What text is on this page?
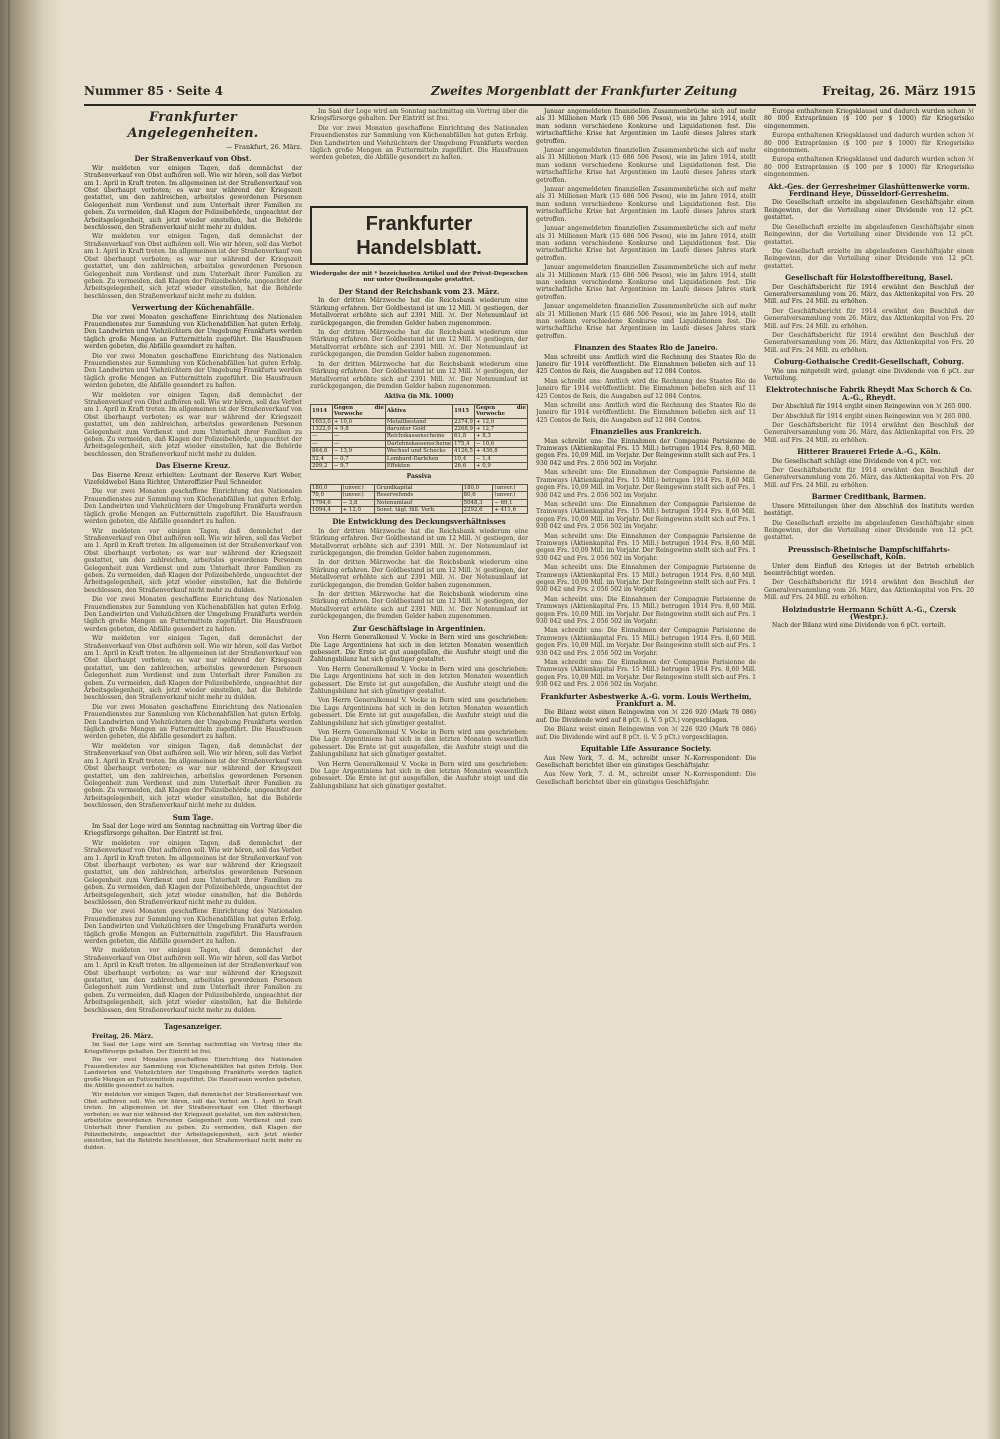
Nummer 85 · Seite 4	Zweites Morgenblatt der Frankfurter Zeitung	Freitag, 26. März 1915
Frankfurter Angelegenheiten.
— Frankfurt, 26. März.
Der Straßenverkauf von Obst.

Wir meldeten vor einigen Tagen, daß demnächst der Straßenverkauf von Obst aufhören soll. Wie wir hören, soll das Verbot am 1. April in Kraft treten. Im allgemeinen ist der Straßenverkauf von Obst überhaupt verboten; es war nur während der Kriegszeit gestattet, um den zahlreichen, arbeitslos gewordenen Personen Gelegenheit zum Verdienst und zum Unterhalt ihrer Familien zu geben. Zu vermeiden, daß Klagen der Polizeibehörde, ungeachtet der Arbeitsgelegenheit, sich jetzt wieder einstellen, hat die Behörde beschlossen, den Straßenverkauf nicht mehr zu dulden.

Wir meldeten vor einigen Tagen, daß demnächst der Straßenverkauf von Obst aufhören soll. Wie wir hören, soll das Verbot am 1. April in Kraft treten. Im allgemeinen ist der Straßenverkauf von Obst überhaupt verboten; es war nur während der Kriegszeit gestattet, um den zahlreichen, arbeitslos gewordenen Personen Gelegenheit zum Verdienst und zum Unterhalt ihrer Familien zu geben. Zu vermeiden, daß Klagen der Polizeibehörde, ungeachtet der Arbeitsgelegenheit, sich jetzt wieder einstellen, hat die Behörde beschlossen, den Straßenverkauf nicht mehr zu dulden.

Verwertung der Küchenabfälle.

Die vor zwei Monaten geschaffene Einrichtung des Nationalen Frauendienstes zur Sammlung von Küchenabfällen hat guten Erfolg. Den Landwirten und Viehzüchtern der Umgebung Frankfurts werden täglich große Mengen an Futtermitteln zugeführt. Die Hausfrauen werden gebeten, die Abfälle gesondert zu halten.

Die vor zwei Monaten geschaffene Einrichtung des Nationalen Frauendienstes zur Sammlung von Küchenabfällen hat guten Erfolg. Den Landwirten und Viehzüchtern der Umgebung Frankfurts werden täglich große Mengen an Futtermitteln zugeführt. Die Hausfrauen werden gebeten, die Abfälle gesondert zu halten.

Wir meldeten vor einigen Tagen, daß demnächst der Straßenverkauf von Obst aufhören soll. Wie wir hören, soll das Verbot am 1. April in Kraft treten. Im allgemeinen ist der Straßenverkauf von Obst überhaupt verboten; es war nur während der Kriegszeit gestattet, um den zahlreichen, arbeitslos gewordenen Personen Gelegenheit zum Verdienst und zum Unterhalt ihrer Familien zu geben. Zu vermeiden, daß Klagen der Polizeibehörde, ungeachtet der Arbeitsgelegenheit, sich jetzt wieder einstellen, hat die Behörde beschlossen, den Straßenverkauf nicht mehr zu dulden.

Das Eiserne Kreuz.

Das Eiserne Kreuz erhielten: Leutnant der Reserve Kurt Weber, Vizefeldwebel Hans Richter, Unteroffizier Paul Schneider.

Die vor zwei Monaten geschaffene Einrichtung des Nationalen Frauendienstes zur Sammlung von Küchenabfällen hat guten Erfolg. Den Landwirten und Viehzüchtern der Umgebung Frankfurts werden täglich große Mengen an Futtermitteln zugeführt. Die Hausfrauen werden gebeten, die Abfälle gesondert zu halten.

Wir meldeten vor einigen Tagen, daß demnächst der Straßenverkauf von Obst aufhören soll. Wie wir hören, soll das Verbot am 1. April in Kraft treten. Im allgemeinen ist der Straßenverkauf von Obst überhaupt verboten; es war nur während der Kriegszeit gestattet, um den zahlreichen, arbeitslos gewordenen Personen Gelegenheit zum Verdienst und zum Unterhalt ihrer Familien zu geben. Zu vermeiden, daß Klagen der Polizeibehörde, ungeachtet der Arbeitsgelegenheit, sich jetzt wieder einstellen, hat die Behörde beschlossen, den Straßenverkauf nicht mehr zu dulden.

Die vor zwei Monaten geschaffene Einrichtung des Nationalen Frauendienstes zur Sammlung von Küchenabfällen hat guten Erfolg. Den Landwirten und Viehzüchtern der Umgebung Frankfurts werden täglich große Mengen an Futtermitteln zugeführt. Die Hausfrauen werden gebeten, die Abfälle gesondert zu halten.

Wir meldeten vor einigen Tagen, daß demnächst der Straßenverkauf von Obst aufhören soll. Wie wir hören, soll das Verbot am 1. April in Kraft treten. Im allgemeinen ist der Straßenverkauf von Obst überhaupt verboten; es war nur während der Kriegszeit gestattet, um den zahlreichen, arbeitslos gewordenen Personen Gelegenheit zum Verdienst und zum Unterhalt ihrer Familien zu geben. Zu vermeiden, daß Klagen der Polizeibehörde, ungeachtet der Arbeitsgelegenheit, sich jetzt wieder einstellen, hat die Behörde beschlossen, den Straßenverkauf nicht mehr zu dulden.

Die vor zwei Monaten geschaffene Einrichtung des Nationalen Frauendienstes zur Sammlung von Küchenabfällen hat guten Erfolg. Den Landwirten und Viehzüchtern der Umgebung Frankfurts werden täglich große Mengen an Futtermitteln zugeführt. Die Hausfrauen werden gebeten, die Abfälle gesondert zu halten.

Wir meldeten vor einigen Tagen, daß demnächst der Straßenverkauf von Obst aufhören soll. Wie wir hören, soll das Verbot am 1. April in Kraft treten. Im allgemeinen ist der Straßenverkauf von Obst überhaupt verboten; es war nur während der Kriegszeit gestattet, um den zahlreichen, arbeitslos gewordenen Personen Gelegenheit zum Verdienst und zum Unterhalt ihrer Familien zu geben. Zu vermeiden, daß Klagen der Polizeibehörde, ungeachtet der Arbeitsgelegenheit, sich jetzt wieder einstellen, hat die Behörde beschlossen, den Straßenverkauf nicht mehr zu dulden.

Sum Tage.

Im Saal der Loge wird am Sonntag nachmittag ein Vortrag über die Kriegsfürsorge gehalten. Der Eintritt ist frei.

Wir meldeten vor einigen Tagen, daß demnächst der Straßenverkauf von Obst aufhören soll. Wie wir hören, soll das Verbot am 1. April in Kraft treten. Im allgemeinen ist der Straßenverkauf von Obst überhaupt verboten; es war nur während der Kriegszeit gestattet, um den zahlreichen, arbeitslos gewordenen Personen Gelegenheit zum Verdienst und zum Unterhalt ihrer Familien zu geben. Zu vermeiden, daß Klagen der Polizeibehörde, ungeachtet der Arbeitsgelegenheit, sich jetzt wieder einstellen, hat die Behörde beschlossen, den Straßenverkauf nicht mehr zu dulden.

Die vor zwei Monaten geschaffene Einrichtung des Nationalen Frauendienstes zur Sammlung von Küchenabfällen hat guten Erfolg. Den Landwirten und Viehzüchtern der Umgebung Frankfurts werden täglich große Mengen an Futtermitteln zugeführt. Die Hausfrauen werden gebeten, die Abfälle gesondert zu halten.

Wir meldeten vor einigen Tagen, daß demnächst der Straßenverkauf von Obst aufhören soll. Wie wir hören, soll das Verbot am 1. April in Kraft treten. Im allgemeinen ist der Straßenverkauf von Obst überhaupt verboten; es war nur während der Kriegszeit gestattet, um den zahlreichen, arbeitslos gewordenen Personen Gelegenheit zum Verdienst und zum Unterhalt ihrer Familien zu geben. Zu vermeiden, daß Klagen der Polizeibehörde, ungeachtet der Arbeitsgelegenheit, sich jetzt wieder einstellen, hat die Behörde beschlossen, den Straßenverkauf nicht mehr zu dulden.

Tagesanzeiger.

Freitag, 26. März.

Im Saal der Loge wird am Sonntag nachmittag ein Vortrag über die Kriegsfürsorge gehalten. Der Eintritt ist frei.

Die vor zwei Monaten geschaffene Einrichtung des Nationalen Frauendienstes zur Sammlung von Küchenabfällen hat guten Erfolg. Den Landwirten und Viehzüchtern der Umgebung Frankfurts werden täglich große Mengen an Futtermitteln zugeführt. Die Hausfrauen werden gebeten, die Abfälle gesondert zu halten.

Wir meldeten vor einigen Tagen, daß demnächst der Straßenverkauf von Obst aufhören soll. Wie wir hören, soll das Verbot am 1. April in Kraft treten. Im allgemeinen ist der Straßenverkauf von Obst überhaupt verboten; es war nur während der Kriegszeit gestattet, um den zahlreichen, arbeitslos gewordenen Personen Gelegenheit zum Verdienst und zum Unterhalt ihrer Familien zu geben. Zu vermeiden, daß Klagen der Polizeibehörde, ungeachtet der Arbeitsgelegenheit, sich jetzt wieder einstellen, hat die Behörde beschlossen, den Straßenverkauf nicht mehr zu dulden.

Im Saal der Loge wird am Sonntag nachmittag ein Vortrag über die Kriegsfürsorge gehalten. Der Eintritt ist frei.

Die vor zwei Monaten geschaffene Einrichtung des Nationalen Frauendienstes zur Sammlung von Küchenabfällen hat guten Erfolg. Den Landwirten und Viehzüchtern der Umgebung Frankfurts werden täglich große Mengen an Futtermitteln zugeführt. Die Hausfrauen werden gebeten, die Abfälle gesondert zu halten.

Frankfurter Handelsblatt.
Wiedergabe der mit * bezeichneten Artikel und der Privat-Depeschen nur unter Quellenangabe gestattet.
Der Stand der Reichsbank vom 23. März.

In der dritten Märzwoche hat die Reichsbank wiederum eine Stärkung erfahren. Der Goldbestand ist um 12 Mill. ℳ gestiegen, der Metallvorrat erhöhte sich auf 2391 Mill. ℳ. Der Notenumlauf ist zurückgegangen, die fremden Gelder haben zugenommen.

In der dritten Märzwoche hat die Reichsbank wiederum eine Stärkung erfahren. Der Goldbestand ist um 12 Mill. ℳ gestiegen, der Metallvorrat erhöhte sich auf 2391 Mill. ℳ. Der Notenumlauf ist zurückgegangen, die fremden Gelder haben zugenommen.

In der dritten Märzwoche hat die Reichsbank wiederum eine Stärkung erfahren. Der Goldbestand ist um 12 Mill. ℳ gestiegen, der Metallvorrat erhöhte sich auf 2391 Mill. ℳ. Der Notenumlauf ist zurückgegangen, die fremden Gelder haben zugenommen.

Aktiva (in Mk. 1000)
1914	Gegen die Vorwoche	Aktiva	1915	Gegen die Vorwoche
1653,0	+ 10,0	Metallbestand	2374,9	+ 12,0
1322,0	+ 9,8	darunter Gold	2268,9	+ 12,7
—	—	Reichskassenscheine	61,8	+ 8,3
—	—	Darlehnskassenscheine	175,4	− 10,6
864,6	− 13,9	Wechsel und Schecks	4126,5	+ 436,8
52,4	− 0,7	Lombard-Darlehen	10,4	− 1,4
299,2	− 9,7	Effekten	26,6	+ 0,9
Passiva
180,0	(unver.)	Grundkapital	180,0	(unver.)
70,0	(unver.)	Reservefonds	80,6	(unver.)
1794,6	− 3,8	Notenumlauf	5048,3	− 69,1
1094,4	+ 12,0	Sonst. tägl. fäll. Verb.	2292,6	+ 411,6
Die Entwicklung des Deckungsverhältnisses

In der dritten Märzwoche hat die Reichsbank wiederum eine Stärkung erfahren. Der Goldbestand ist um 12 Mill. ℳ gestiegen, der Metallvorrat erhöhte sich auf 2391 Mill. ℳ. Der Notenumlauf ist zurückgegangen, die fremden Gelder haben zugenommen.

In der dritten Märzwoche hat die Reichsbank wiederum eine Stärkung erfahren. Der Goldbestand ist um 12 Mill. ℳ gestiegen, der Metallvorrat erhöhte sich auf 2391 Mill. ℳ. Der Notenumlauf ist zurückgegangen, die fremden Gelder haben zugenommen.

In der dritten Märzwoche hat die Reichsbank wiederum eine Stärkung erfahren. Der Goldbestand ist um 12 Mill. ℳ gestiegen, der Metallvorrat erhöhte sich auf 2391 Mill. ℳ. Der Notenumlauf ist zurückgegangen, die fremden Gelder haben zugenommen.

Zur Geschäftslage in Argentinien.

Von Herrn Generalkonsul V. Vocke in Bern wird uns geschrieben: Die Lage Argentiniens hat sich in den letzten Monaten wesentlich gebessert. Die Ernte ist gut ausgefallen, die Ausfuhr steigt und die Zahlungsbilanz hat sich günstiger gestaltet.

Von Herrn Generalkonsul V. Vocke in Bern wird uns geschrieben: Die Lage Argentiniens hat sich in den letzten Monaten wesentlich gebessert. Die Ernte ist gut ausgefallen, die Ausfuhr steigt und die Zahlungsbilanz hat sich günstiger gestaltet.

Von Herrn Generalkonsul V. Vocke in Bern wird uns geschrieben: Die Lage Argentiniens hat sich in den letzten Monaten wesentlich gebessert. Die Ernte ist gut ausgefallen, die Ausfuhr steigt und die Zahlungsbilanz hat sich günstiger gestaltet.

Von Herrn Generalkonsul V. Vocke in Bern wird uns geschrieben: Die Lage Argentiniens hat sich in den letzten Monaten wesentlich gebessert. Die Ernte ist gut ausgefallen, die Ausfuhr steigt und die Zahlungsbilanz hat sich günstiger gestaltet.

Von Herrn Generalkonsul V. Vocke in Bern wird uns geschrieben: Die Lage Argentiniens hat sich in den letzten Monaten wesentlich gebessert. Die Ernte ist gut ausgefallen, die Ausfuhr steigt und die Zahlungsbilanz hat sich günstiger gestaltet.

Januar angemeldeten finanziellen Zusammenbrüche sich auf mehr als 31 Millionen Mark (15 686 506 Pesos), wie im Jahre 1914, stellt man sodann verschiedene Konkurse und Liquidationen fest. Die wirtschaftliche Krise hat Argentinien im Laufe dieses Jahres stark getroffen.

Januar angemeldeten finanziellen Zusammenbrüche sich auf mehr als 31 Millionen Mark (15 686 506 Pesos), wie im Jahre 1914, stellt man sodann verschiedene Konkurse und Liquidationen fest. Die wirtschaftliche Krise hat Argentinien im Laufe dieses Jahres stark getroffen.

Januar angemeldeten finanziellen Zusammenbrüche sich auf mehr als 31 Millionen Mark (15 686 506 Pesos), wie im Jahre 1914, stellt man sodann verschiedene Konkurse und Liquidationen fest. Die wirtschaftliche Krise hat Argentinien im Laufe dieses Jahres stark getroffen.

Januar angemeldeten finanziellen Zusammenbrüche sich auf mehr als 31 Millionen Mark (15 686 506 Pesos), wie im Jahre 1914, stellt man sodann verschiedene Konkurse und Liquidationen fest. Die wirtschaftliche Krise hat Argentinien im Laufe dieses Jahres stark getroffen.

Januar angemeldeten finanziellen Zusammenbrüche sich auf mehr als 31 Millionen Mark (15 686 506 Pesos), wie im Jahre 1914, stellt man sodann verschiedene Konkurse und Liquidationen fest. Die wirtschaftliche Krise hat Argentinien im Laufe dieses Jahres stark getroffen.

Januar angemeldeten finanziellen Zusammenbrüche sich auf mehr als 31 Millionen Mark (15 686 506 Pesos), wie im Jahre 1914, stellt man sodann verschiedene Konkurse und Liquidationen fest. Die wirtschaftliche Krise hat Argentinien im Laufe dieses Jahres stark getroffen.

Finanzen des Staates Rio de Janeiro.

Man schreibt uns: Amtlich wird die Rechnung des Staates Rio de Janeiro für 1914 veröffentlicht. Die Einnahmen beliefen sich auf 11 425 Contos de Reis, die Ausgaben auf 12 084 Contos.

Man schreibt uns: Amtlich wird die Rechnung des Staates Rio de Janeiro für 1914 veröffentlicht. Die Einnahmen beliefen sich auf 11 425 Contos de Reis, die Ausgaben auf 12 084 Contos.

Man schreibt uns: Amtlich wird die Rechnung des Staates Rio de Janeiro für 1914 veröffentlicht. Die Einnahmen beliefen sich auf 11 425 Contos de Reis, die Ausgaben auf 12 084 Contos.

Finanzielles aus Frankreich.

Man schreibt uns: Die Einnahmen der Compagnie Parisienne de Tramways (Aktienkapital Frs. 15 Mill.) betrugen 1914 Frs. 8,60 Mill. gegen Frs. 10,09 Mill. im Vorjahr. Der Reingewinn stellt sich auf Frs. 1 930 042 und Frs. 2 056 502 im Vorjahr.

Man schreibt uns: Die Einnahmen der Compagnie Parisienne de Tramways (Aktienkapital Frs. 15 Mill.) betrugen 1914 Frs. 8,60 Mill. gegen Frs. 10,09 Mill. im Vorjahr. Der Reingewinn stellt sich auf Frs. 1 930 042 und Frs. 2 056 502 im Vorjahr.

Man schreibt uns: Die Einnahmen der Compagnie Parisienne de Tramways (Aktienkapital Frs. 15 Mill.) betrugen 1914 Frs. 8,60 Mill. gegen Frs. 10,09 Mill. im Vorjahr. Der Reingewinn stellt sich auf Frs. 1 930 042 und Frs. 2 056 502 im Vorjahr.

Man schreibt uns: Die Einnahmen der Compagnie Parisienne de Tramways (Aktienkapital Frs. 15 Mill.) betrugen 1914 Frs. 8,60 Mill. gegen Frs. 10,09 Mill. im Vorjahr. Der Reingewinn stellt sich auf Frs. 1 930 042 und Frs. 2 056 502 im Vorjahr.

Man schreibt uns: Die Einnahmen der Compagnie Parisienne de Tramways (Aktienkapital Frs. 15 Mill.) betrugen 1914 Frs. 8,60 Mill. gegen Frs. 10,09 Mill. im Vorjahr. Der Reingewinn stellt sich auf Frs. 1 930 042 und Frs. 2 056 502 im Vorjahr.

Man schreibt uns: Die Einnahmen der Compagnie Parisienne de Tramways (Aktienkapital Frs. 15 Mill.) betrugen 1914 Frs. 8,60 Mill. gegen Frs. 10,09 Mill. im Vorjahr. Der Reingewinn stellt sich auf Frs. 1 930 042 und Frs. 2 056 502 im Vorjahr.

Man schreibt uns: Die Einnahmen der Compagnie Parisienne de Tramways (Aktienkapital Frs. 15 Mill.) betrugen 1914 Frs. 8,60 Mill. gegen Frs. 10,09 Mill. im Vorjahr. Der Reingewinn stellt sich auf Frs. 1 930 042 und Frs. 2 056 502 im Vorjahr.

Man schreibt uns: Die Einnahmen der Compagnie Parisienne de Tramways (Aktienkapital Frs. 15 Mill.) betrugen 1914 Frs. 8,60 Mill. gegen Frs. 10,09 Mill. im Vorjahr. Der Reingewinn stellt sich auf Frs. 1 930 042 und Frs. 2 056 502 im Vorjahr.

Frankfurter Asbestwerke A.-G. vorm. Louis Wertheim, Frankfurt a. M.

Die Bilanz weist einen Reingewinn von ℳ 226 920 (Mark 78 086) auf. Die Dividende wird auf 8 pCt. (i. V. 5 pCt.) vorgeschlagen.

Die Bilanz weist einen Reingewinn von ℳ 226 920 (Mark 78 086) auf. Die Dividende wird auf 8 pCt. (i. V. 5 pCt.) vorgeschlagen.

Equitable Life Assurance Society.

Aus New York, 7. d. M., schreibt unser N.-Korrespondent: Die Gesellschaft berichtet über ein günstiges Geschäftsjahr.

Aus New York, 7. d. M., schreibt unser N.-Korrespondent: Die Gesellschaft berichtet über ein günstiges Geschäftsjahr.

Europa enthaltenen Kriegsklausel und dadurch wurden schon ℳ 80 000 Extraprämien ($ 100 per $ 1000) für Kriegsrisiko eingenommen.

Europa enthaltenen Kriegsklausel und dadurch wurden schon ℳ 80 000 Extraprämien ($ 100 per $ 1000) für Kriegsrisiko eingenommen.

Europa enthaltenen Kriegsklausel und dadurch wurden schon ℳ 80 000 Extraprämien ($ 100 per $ 1000) für Kriegsrisiko eingenommen.

Akt.-Ges. der Gerresheimer Glashüttenwerke vorm. Ferdinand Heye, Düsseldorf-Gerresheim.

Die Gesellschaft erzielte im abgelaufenen Geschäftsjahr einen Reingewinn, der die Verteilung einer Dividende von 12 pCt. gestattet.

Die Gesellschaft erzielte im abgelaufenen Geschäftsjahr einen Reingewinn, der die Verteilung einer Dividende von 12 pCt. gestattet.

Die Gesellschaft erzielte im abgelaufenen Geschäftsjahr einen Reingewinn, der die Verteilung einer Dividende von 12 pCt. gestattet.

Gesellschaft für Holzstoffbereitung, Basel.

Der Geschäftsbericht für 1914 erwähnt den Beschluß der Generalversammlung vom 26. März, das Aktienkapital von Frs. 20 Mill. auf Frs. 24 Mill. zu erhöhen.

Der Geschäftsbericht für 1914 erwähnt den Beschluß der Generalversammlung vom 26. März, das Aktienkapital von Frs. 20 Mill. auf Frs. 24 Mill. zu erhöhen.

Der Geschäftsbericht für 1914 erwähnt den Beschluß der Generalversammlung vom 26. März, das Aktienkapital von Frs. 20 Mill. auf Frs. 24 Mill. zu erhöhen.

Coburg-Gothaische Credit-Gesellschaft, Coburg.

Wie uns mitgeteilt wird, gelangt eine Dividende von 6 pCt. zur Verteilung.

Elektrotechnische Fabrik Rheydt Max Schorch & Co. A.-G., Rheydt.

Der Abschluß für 1914 ergibt einen Reingewinn von ℳ 265 000.

Der Abschluß für 1914 ergibt einen Reingewinn von ℳ 265 000.

Der Geschäftsbericht für 1914 erwähnt den Beschluß der Generalversammlung vom 26. März, das Aktienkapital von Frs. 20 Mill. auf Frs. 24 Mill. zu erhöhen.

Hitterer Brauerei Friede A.-G., Köln.

Die Gesellschaft schlägt eine Dividende von 4 pCt. vor.

Der Geschäftsbericht für 1914 erwähnt den Beschluß der Generalversammlung vom 26. März, das Aktienkapital von Frs. 20 Mill. auf Frs. 24 Mill. zu erhöhen.

Barmer Creditbank, Barmen.

Unsere Mitteilungen über den Abschluß des Instituts werden bestätigt.

Die Gesellschaft erzielte im abgelaufenen Geschäftsjahr einen Reingewinn, der die Verteilung einer Dividende von 12 pCt. gestattet.

Preussisch-Rheinische Dampfschiffahrts-Gesellschaft, Köln.

Unter dem Einfluß des Krieges ist der Betrieb erheblich beeinträchtigt worden.

Der Geschäftsbericht für 1914 erwähnt den Beschluß der Generalversammlung vom 26. März, das Aktienkapital von Frs. 20 Mill. auf Frs. 24 Mill. zu erhöhen.

Holzindustrie Hermann Schütt A.-G., Czersk (Westpr.).

Nach der Bilanz wird eine Dividende von 6 pCt. verteilt.
